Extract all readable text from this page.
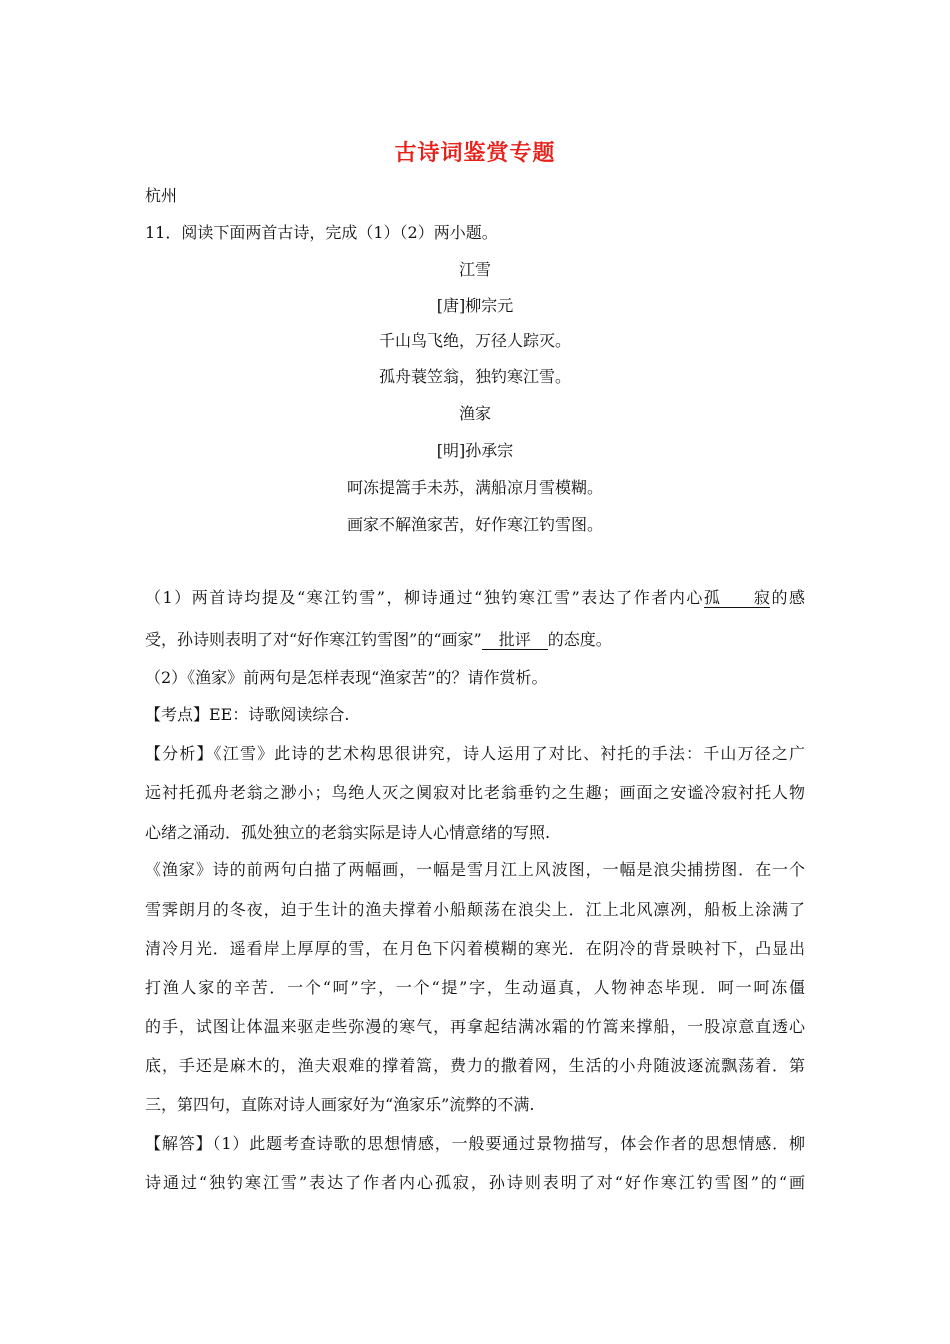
古诗词鉴赏专题
杭州
11．阅读下面两首古诗，完成（1）（2）两小题。
江雪
[唐]柳宗元
千山鸟飞绝，万径人踪灭。
孤舟蓑笠翁，独钓寒江雪。
渔家
[明]孙承宗
呵冻提篙手未苏，满船凉月雪模糊。
画家不解渔家苦，好作寒江钓雪图。
（1）两首诗均提及“寒江钓雪”，柳诗通过“独钓寒江雪”表达了作者内心孤寂的感
受，孙诗则表明了对“好作寒江钓雪图”的“画家” 批评 的态度。
（2）《渔家》前两句是怎样表现“渔家苦”的？请作赏析。
【考点】EE：诗歌阅读综合.
【分析】《江雪》此诗的艺术构思很讲究，诗人运用了对比、衬托的手法：千山万径之广
远衬托孤舟老翁之渺小；鸟绝人灭之阒寂对比老翁垂钓之生趣；画面之安谧冷寂衬托人物
心绪之涌动．孤处独立的老翁实际是诗人心情意绪的写照.
《渔家》诗的前两句白描了两幅画，一幅是雪月江上风波图，一幅是浪尖捕捞图．在一个
雪霁朗月的冬夜，迫于生计的渔夫撑着小船颠荡在浪尖上．江上北风凛冽，船板上涂满了
清冷月光．遥看岸上厚厚的雪，在月色下闪着模糊的寒光．在阴冷的背景映衬下，凸显出
打渔人家的辛苦．一个“呵”字，一个“提”字，生动逼真，人物神态毕现．呵一呵冻僵
的手，试图让体温来驱走些弥漫的寒气，再拿起结满冰霜的竹篙来撑船，一股凉意直透心
底，手还是麻木的，渔夫艰难的撑着篙，费力的撒着网，生活的小舟随波逐流飘荡着．第
三，第四句，直陈对诗人画家好为“渔家乐”流弊的不满.
【解答】（1）此题考查诗歌的思想情感，一般要通过景物描写，体会作者的思想情感．柳
诗通过“独钓寒江雪”表达了作者内心孤寂，孙诗则表明了对“好作寒江钓雪图”的“画
